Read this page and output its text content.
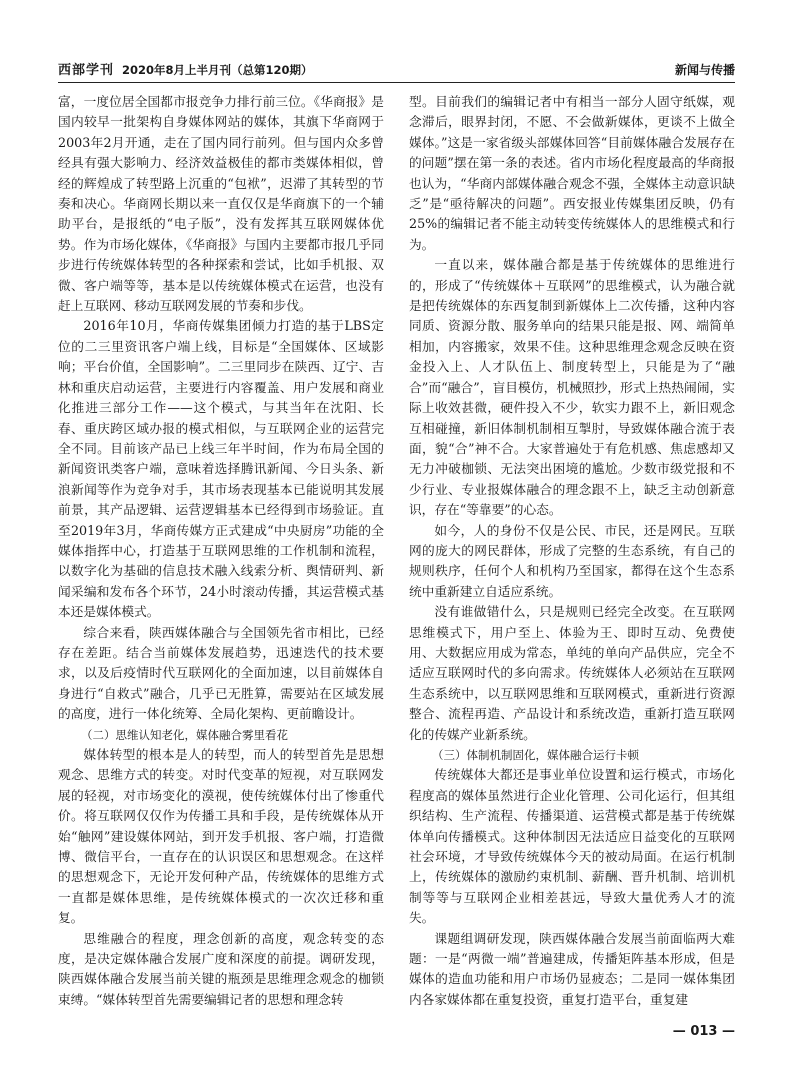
西部学刊 2020年8月上半月刊（总第120期）	新闻与传播

富，一度位居全国都市报竞争力排行前三位。《华商报》是国内较早一批架构自身媒体网站的媒体，其旗下华商网于2003年2月开通，走在了国内同行前列。但与国内众多曾经具有强大影响力、经济效益极佳的都市类媒体相似，曾经的辉煌成了转型路上沉重的“包袱”，迟滞了其转型的节奏和决心。华商网长期以来一直仅仅是华商旗下的一个辅助平台，是报纸的“电子版”，没有发挥其互联网媒体优势。作为市场化媒体，《华商报》与国内主要都市报几乎同步进行传统媒体转型的各种探索和尝试，比如手机报、双微、客户端等等，基本是以传统媒体模式在运营，也没有赶上互联网、移动互联网发展的节奏和步伐。

2016年10月，华商传媒集团倾力打造的基于LBS定位的二三里资讯客户端上线，目标是“全国媒体、区域影响；平台价值，全国影响”。二三里同步在陕西、辽宁、吉林和重庆启动运营，主要进行内容覆盖、用户发展和商业化推进三部分工作——这个模式，与其当年在沈阳、长春、重庆跨区域办报的模式相似，与互联网企业的运营完全不同。目前该产品已上线三年半时间，作为布局全国的新闻资讯类客户端，意味着选择腾讯新闻、今日头条、新浪新闻等作为竞争对手，其市场表现基本已能说明其发展前景，其产品逻辑、运营逻辑基本已经得到市场验证。直至2019年3月，华商传媒方正式建成“中央厨房”功能的全媒体指挥中心，打造基于互联网思维的工作机制和流程，以数字化为基础的信息技术融入线索分析、舆情研判、新闻采编和发布各个环节，24小时滚动传播，其运营模式基本还是媒体模式。

综合来看，陕西媒体融合与全国领先省市相比，已经存在差距。结合当前媒体发展趋势，迅速迭代的技术要求，以及后疫情时代互联网化的全面加速，以目前媒体自身进行“自救式”融合，几乎已无胜算，需要站在区域发展的高度，进行一体化统筹、全局化架构、更前瞻设计。

（二）思维认知老化，媒体融合雾里看花

媒体转型的根本是人的转型，而人的转型首先是思想观念、思维方式的转变。对时代变革的短视，对互联网发展的轻视，对市场变化的漠视，使传统媒体付出了惨重代价。将互联网仅仅作为传播工具和手段，是传统媒体从开始“触网”建设媒体网站，到开发手机报、客户端，打造微博、微信平台，一直存在的认识误区和思想观念。在这样的思想观念下，无论开发何种产品，传统媒体的思维方式一直都是媒体思维，是传统媒体模式的一次次迁移和重复。

思维融合的程度，理念创新的高度，观念转变的态度，是决定媒体融合发展广度和深度的前提。调研发现，陕西媒体融合发展当前关键的瓶颈是思维理念观念的枷锁束缚。“媒体转型首先需要编辑记者的思想和理念转

型。目前我们的编辑记者中有相当一部分人固守纸媒，观念滞后，眼界封闭，不愿、不会做新媒体，更谈不上做全媒体。”这是一家省级头部媒体回答“目前媒体融合发展存在的问题”摆在第一条的表述。省内市场化程度最高的华商报也认为，“华商内部媒体融合观念不强，全媒体主动意识缺乏”是“亟待解决的问题”。西安报业传媒集团反映，仍有25%的编辑记者不能主动转变传统媒体人的思维模式和行为。

一直以来，媒体融合都是基于传统媒体的思维进行的，形成了“传统媒体＋互联网”的思维模式，认为融合就是把传统媒体的东西复制到新媒体上二次传播，这种内容同质、资源分散、服务单向的结果只能是报、网、端简单相加，内容搬家，效果不佳。这种思维理念观念反映在资金投入上、人才队伍上、制度转型上，只能是为了“融合”而“融合”，盲目模仿，机械照抄，形式上热热闹闹，实际上收效甚微，硬件投入不少，软实力跟不上，新旧观念互相碰撞，新旧体制机制相互掣肘，导致媒体融合流于表面，貌“合”神不合。大家普遍处于有危机感、焦虑感却又无力冲破枷锁、无法突出困境的尴尬。少数市级党报和不少行业、专业报媒体融合的理念跟不上，缺乏主动创新意识，存在“等靠要”的心态。

如今，人的身份不仅是公民、市民，还是网民。互联网的庞大的网民群体，形成了完整的生态系统，有自己的规则秩序，任何个人和机构乃至国家，都得在这个生态系统中重新建立自适应系统。

没有谁做错什么，只是规则已经完全改变。在互联网思维模式下，用户至上、体验为王、即时互动、免费使用、大数据应用成为常态，单纯的单向产品供应，完全不适应互联网时代的多向需求。传统媒体人必须站在互联网生态系统中，以互联网思维和互联网模式，重新进行资源整合、流程再造、产品设计和系统改造，重新打造互联网化的传媒产业新系统。

（三）体制机制固化，媒体融合运行卡顿

传统媒体大都还是事业单位设置和运行模式，市场化程度高的媒体虽然进行企业化管理、公司化运行，但其组织结构、生产流程、传播渠道、运营模式都是基于传统媒体单向传播模式。这种体制因无法适应日益变化的互联网社会环境，才导致传统媒体今天的被动局面。在运行机制上，传统媒体的激励约束机制、薪酬、晋升机制、培训机制等等与互联网企业相差甚远，导致大量优秀人才的流失。

课题组调研发现，陕西媒体融合发展当前面临两大难题：一是“两微一端”普遍建成，传播矩阵基本形成，但是媒体的造血功能和用户市场仍显疲态；二是同一媒体集团内各家媒体都在重复投资，重复打造平台，重复建

— 013 —
